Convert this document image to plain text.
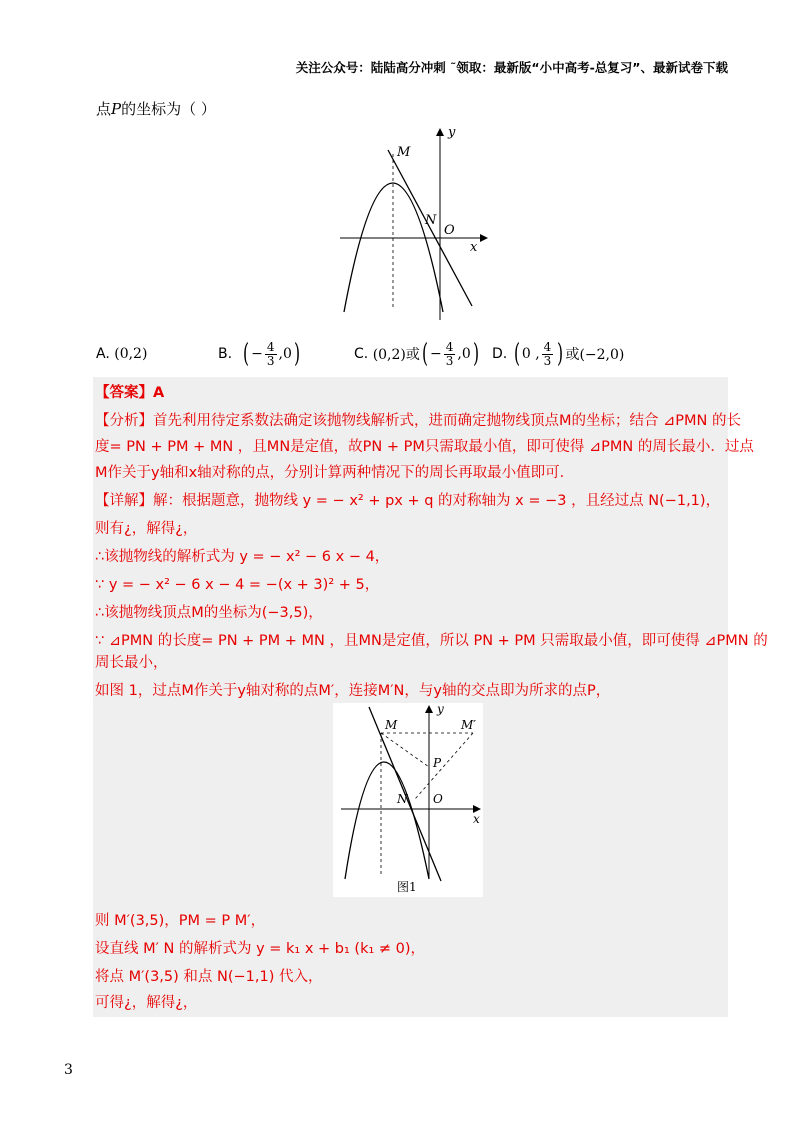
关注公众号：陆陆高分冲刺 ˜领取：最新版“小中高考-总复习”、最新试卷下载
点P的坐标为（ ）
M
N
O
x
y
A.
(0,2)	B.
( − $\frac{4}{3} ,0$ )	C.
(0,2)或 ( − $\frac{4}{3} ,0$ ) D.
( 0 , $\frac{4}{3}$ ) 或(−2,0)
【答案】A
【分析】首先利用待定系数法确定该抛物线解析式，进而确定抛物线顶点M的坐标；结合 ⊿PMN 的长
度= PN + PM + MN ，且MN是定值，故PN + PM只需取最小值，即可使得 ⊿PMN 的周长最小．过点
M作关于y轴和x轴对称的点，分别计算两种情况下的周长再取最小值即可．
【详解】解：根据题意，抛物线 y = − x² + px + q 的对称轴为 x = −3 ，且经过点 N(−1,1)，
则有¿，解得¿，
∴该抛物线的解析式为 y = − x² − 6 x − 4，
∵ y = − x² − 6 x − 4 = −(x + 3)² + 5，
∴该抛物线顶点M的坐标为(−3,5)，
∵ ⊿PMN 的长度= PN + PM + MN ，且MN是定值，所以 PN + PM 只需取最小值，即可使得 ⊿PMN 的
周长最小，
如图 1，过点M作关于y轴对称的点M′，连接M′N，与y轴的交点即为所求的点P，
M	M′
P
N O
x
y
图1
则 M′(3,5)，PM = P M′，
设直线 M′ N 的解析式为 y = k₁ x + b₁ (k₁ ≠ 0)，
将点 M′(3,5) 和点 N(−1,1) 代入，
可得¿，解得¿，
3
